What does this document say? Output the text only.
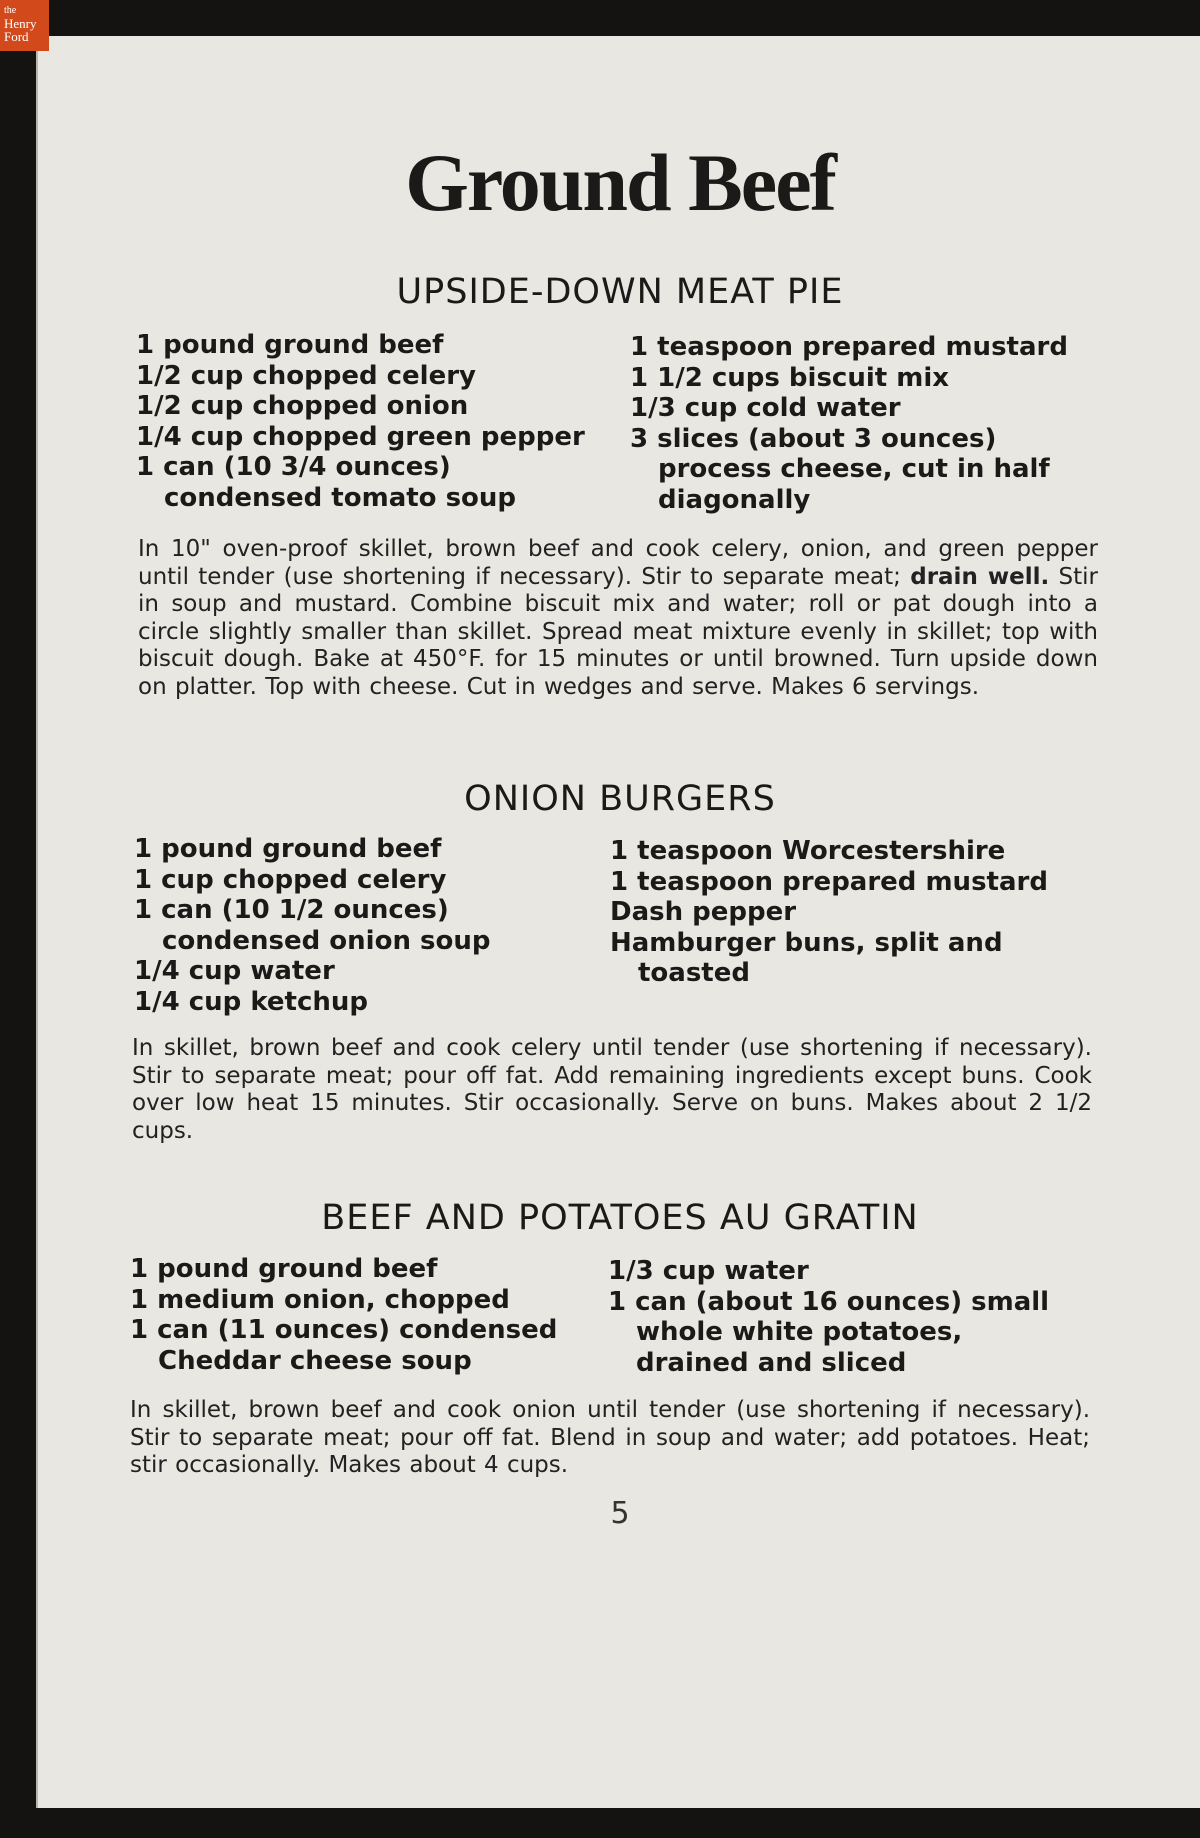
the
Henry
Ford
Ground Beef
UPSIDE-DOWN MEAT PIE
1 pound ground beef
1/2 cup chopped celery
1/2 cup chopped onion
1/4 cup chopped green pepper
1 can (10 3/4 ounces)
condensed tomato soup
1 teaspoon prepared mustard
1 1/2 cups biscuit mix
1/3 cup cold water
3 slices (about 3 ounces)
process cheese, cut in half
diagonally

In 10" oven-proof skillet, brown beef and cook celery, onion, and green pepper until tender (use shortening if necessary). Stir to separate meat; drain well. Stir in soup and mustard. Combine biscuit mix and water; roll or pat dough into a circle slightly smaller than skillet. Spread meat mixture evenly in skillet; top with biscuit dough. Bake at 450°F. for 15 minutes or until browned. Turn upside down on platter. Top with cheese. Cut in wedges and serve. Makes 6 servings.

ONION BURGERS
1 pound ground beef
1 cup chopped celery
1 can (10 1/2 ounces)
condensed onion soup
1/4 cup water
1/4 cup ketchup
1 teaspoon Worcestershire
1 teaspoon prepared mustard
Dash pepper
Hamburger buns, split and
toasted

In skillet, brown beef and cook celery until tender (use shortening if necessary). Stir to separate meat; pour off fat. Add remaining ingredients except buns. Cook over low heat 15 minutes. Stir occasionally. Serve on buns. Makes about 2 1/2 cups.

BEEF AND POTATOES AU GRATIN
1 pound ground beef
1 medium onion, chopped
1 can (11 ounces) condensed
Cheddar cheese soup
1/3 cup water
1 can (about 16 ounces) small
whole white potatoes,
drained and sliced

In skillet, brown beef and cook onion until tender (use shortening if necessary). Stir to separate meat; pour off fat. Blend in soup and water; add potatoes. Heat; stir occasionally. Makes about 4 cups.

5
